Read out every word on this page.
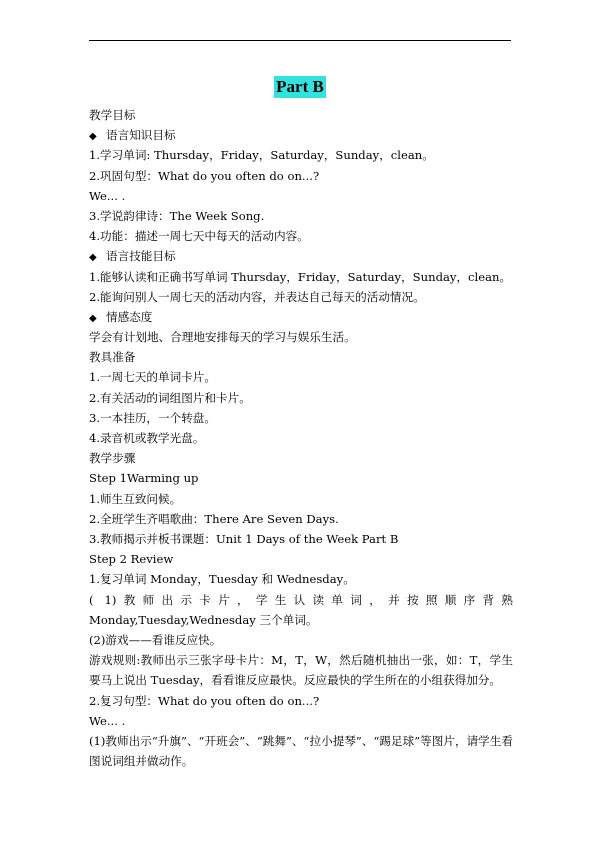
Part B
教学目标
◆ 语言知识目标
1.学习单词: Thursday，Friday，Saturday，Sunday，clean。
2.巩固句型：What do you often do on...?
We... .
3.学说韵律诗：The Week Song.
4.功能：描述一周七天中每天的活动内容。
◆ 语言技能目标
1.能够认读和正确书写单词 Thursday，Friday，Saturday，Sunday，clean。
2.能询问别人一周七天的活动内容，并表达自己每天的活动情况。
◆ 情感态度
学会有计划地、合理地安排每天的学习与娱乐生活。
教具准备
1.一周七天的单词卡片。
2.有关活动的词组图片和卡片。
3.一本挂历，一个转盘。
4.录音机或教学光盘。
教学步骤
Step 1Warming up
1.师生互致问候。
2.全班学生齐唱歌曲：There Are Seven Days.
3.教师揭示并板书课题：Unit 1 Days of the Week Part B
Step 2 Review
1.复习单词 Monday，Tuesday 和 Wednesday。
( 1)教师出示卡片，学生认读单词，并按照顺序背熟 Monday,Tuesday,Wednesday 三个单词。
(2)游戏——看谁反应快。
游戏规则:教师出示三张字母卡片：M，T，W，然后随机抽出一张，如：T，学生要马上说出 Tuesday，看看谁反应最快。反应最快的学生所在的小组获得加分。
2.复习句型：What do you often do on...?
We... .
(1)教师出示“升旗”、“开班会”、“跳舞”、“拉小提琴”、“踢足球”等图片，请学生看图说词组并做动作。
